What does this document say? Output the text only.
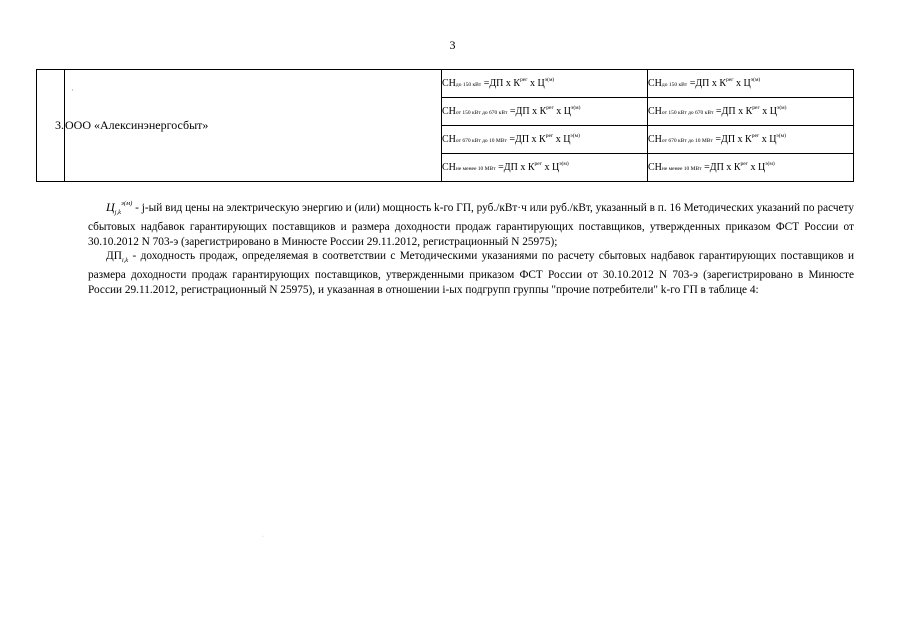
3
3.	ООО «Алексинэнергосбыт»	СНдо 150 кВт =ДП х $К^{рег}$ х $Ц^{э(м)}$	СНдо 150 кВт =ДП х $К^{рег}$ х $Ц^{э(м)}$
		СНот 150 кВт до 670 кВт =ДП х $К^{рег}$ х $Ц^{э(м)}$	СНот 150 кВт до 670 кВт =ДП х $К^{рег}$ х $Ц^{э(м)}$
		СНот 670 кВт до 10 МВт =ДП х $К^{рег}$ х $Ц^{э(м)}$	СНот 670 кВт до 10 МВт =ДП х $К^{рег}$ х $Ц^{э(м)}$
		СНне менее 10 МВт =ДП х $К^{рег}$ х $Ц^{э(м)}$	СНне менее 10 МВт =ДП х $К^{рег}$ х $Ц^{э(м)}$
·
$Ц_{j,k}^{э(м)} - j-ый$ вид цены на электрическую энергию и (или) мощность k-го ГП, руб./кВт·ч или руб./кВт, указанный в п. 16 Методических указаний по расчету сбытовых надбавок гарантирующих поставщиков и размера доходности продаж гарантирующих поставщиков, утвержденных приказом ФСТ России от 30.10.2012 N 703-э (зарегистрировано в Минюсте России 29.11.2012, регистрационный N 25975);
$ДП_{i,k}$ - доходность продаж, определяемая в соответствии с Методическими указаниями по расчету сбытовых надбавок гарантирующих поставщиков и размера доходности продаж гарантирующих поставщиков, утвержденными приказом ФСТ России от 30.10.2012 N 703-э (зарегистрировано в Минюсте России 29.11.2012, регистрационный N 25975), и указанная в отношении i-ых подгрупп группы "прочие потребители" k-го ГП в таблице 4:
·
